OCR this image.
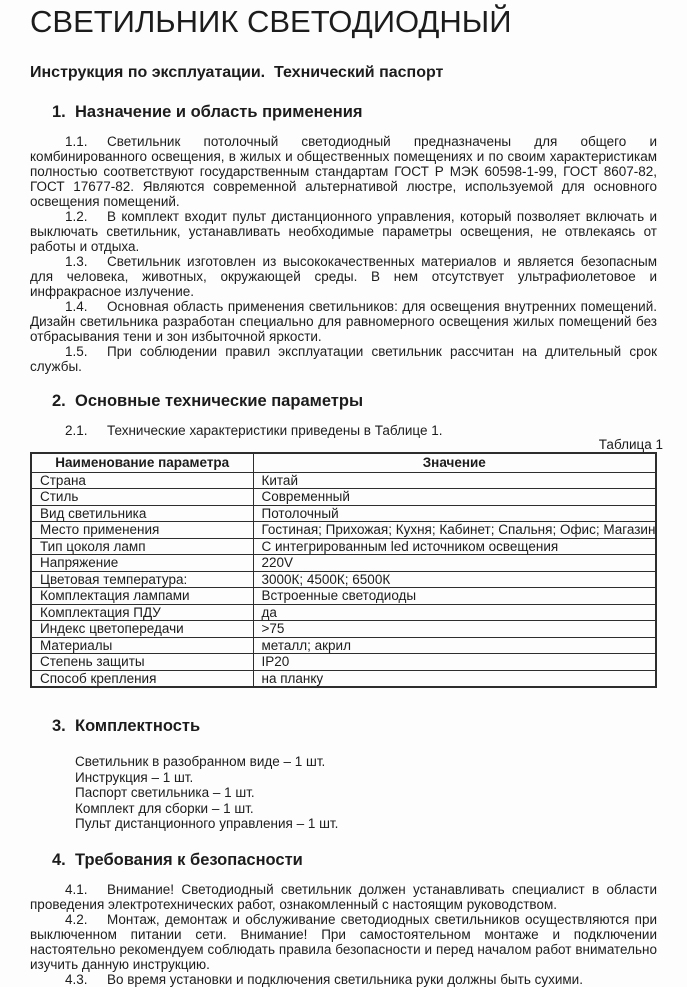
СВЕТИЛЬНИК СВЕТОДИОДНЫЙ
Инструкция по эксплуатации.  Технический паспорт
1. Назначение и область применения

1.1. Светильник потолочный светодиодный предназначены для общего и комбинированного освещения, в жилых и общественных помещениях и по своим характеристикам полностью соответствуют государственным стандартам ГОСТ Р МЭК 60598-1-99, ГОСТ 8607-82, ГОСТ 17677-82. Являются современной альтернативой люстре, используемой для основного освещения помещений.

1.2. В комплект входит пульт дистанционного управления, который позволяет включать и выключать светильник, устанавливать необходимые параметры освещения, не отвлекаясь от работы и отдыха.

1.3. Светильник изготовлен из высококачественных материалов и является безопасным для человека, животных, окружающей среды. В нем отсутствует ультрафиолетовое и инфракрасное излучение.

1.4. Основная область применения светильников: для освещения внутренних помещений. Дизайн светильника разработан специально для равномерного освещения жилых помещений без отбрасывания тени и зон избыточной яркости.

1.5. При соблюдении правил эксплуатации светильник рассчитан на длительный срок службы.

2. Основные технические параметры

2.1. Технические характеристики приведены в Таблице 1.

Таблица 1
Наименование параметра	Значение
Страна	Китай
Стиль	Современный
Вид светильника	Потолочный
Место применения	Гостиная; Прихожая; Кухня; Кабинет; Спальня; Офис; Магазин
Тип цоколя ламп	С интегрированным led источником освещения
Напряжение	220V
Цветовая температура:	3000К; 4500К; 6500К
Комплектация лампами	Встроенные светодиоды
Комплектация ПДУ	да
Индекс цветопередачи	>75
Материалы	металл; акрил
Степень защиты	IP20
Способ крепления	на планку
3. Комплектность
Светильник в разобранном виде – 1 шт.
Инструкция – 1 шт.
Паспорт светильника – 1 шт.
Комплект для сборки – 1 шт.
Пульт дистанционного управления – 1 шт.
4. Требования к безопасности

4.1. Внимание! Светодиодный светильник должен устанавливать специалист в области проведения электротехнических работ, ознакомленный с настоящим руководством.

4.2. Монтаж, демонтаж и обслуживание светодиодных светильников осуществляются при выключенном питании сети. Внимание! При самостоятельном монтаже и подключении настоятельно рекомендуем соблюдать правила безопасности и перед началом работ внимательно изучить данную инструкцию.

4.3. Во время установки и подключения светильника руки должны быть сухими.
